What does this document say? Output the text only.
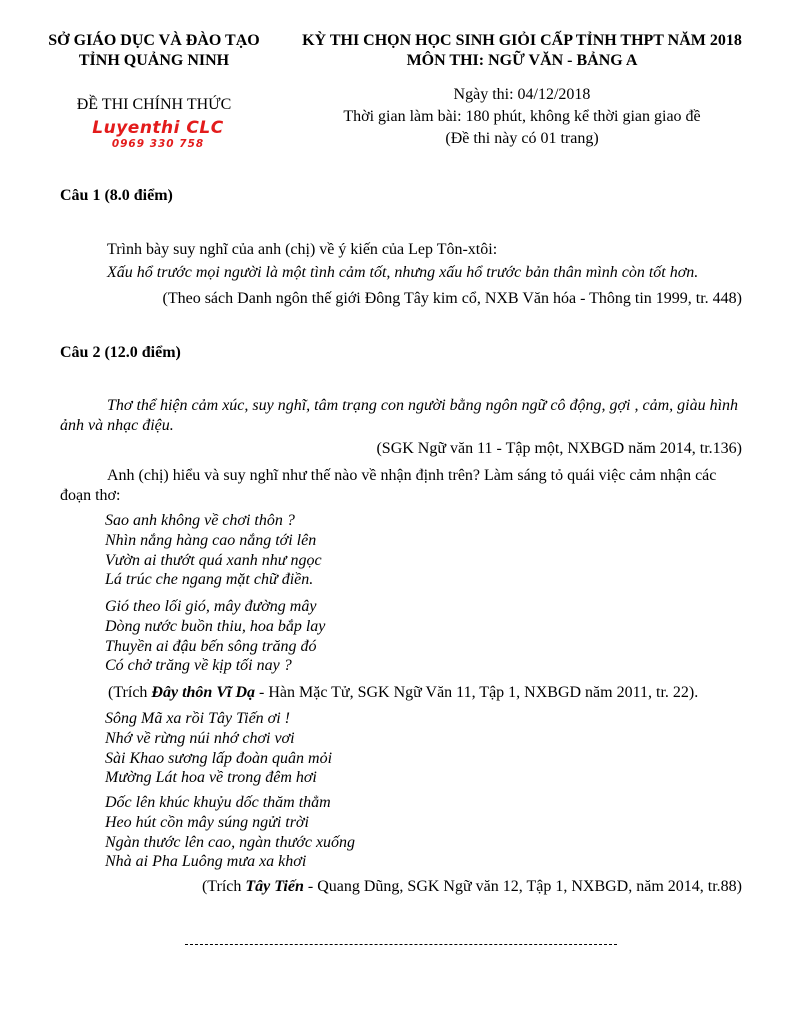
SỞ GIÁO DỤC VÀ ĐÀO TẠO
TỈNH QUẢNG NINH
ĐỀ THI CHÍNH THỨC
Luyenthi CLC
0969 330 758
KỲ THI CHỌN HỌC SINH GIỎI CẤP TỈNH THPT NĂM 2018
MÔN THI: NGỮ VĂN - BẢNG A
Ngày thi: 04/12/2018
Thời gian làm bài: 180 phút, không kể thời gian giao đề
(Đề thi này có 01 trang)
Câu 1 (8.0 điểm)
Trình bày suy nghĩ của anh (chị) về ý kiến của Lep Tôn-xtôi:
Xấu hổ trước mọi người là một tình cảm tốt, nhưng xấu hổ trước bản thân mình còn tốt hơn.
(Theo sách Danh ngôn thế giới Đông Tây kim cổ, NXB Văn hóa - Thông tin 1999, tr. 448)
Câu 2 (12.0 điểm)
Thơ thể hiện cảm xúc, suy nghĩ, tâm trạng con người bằng ngôn ngữ cô động, gợi , cảm, giàu hình ảnh và nhạc điệu.
(SGK Ngữ văn 11 - Tập một, NXBGD năm 2014, tr.136)
Anh (chị) hiểu và suy nghĩ như thế nào về nhận định trên? Làm sáng tỏ quái việc cảm nhận các đoạn thơ:
Sao anh không về chơi thôn ?
Nhìn nắng hàng cao nắng tới lên
Vườn ai thướt quá xanh như ngọc
Lá trúc che ngang mặt chữ điền.
Gió theo lối gió, mây đường mây
Dòng nước buồn thiu, hoa bắp lay
Thuyền ai đậu bến sông trăng đó
Có chở trăng về kịp tối nay ?
(Trích Đây thôn Vĩ Dạ - Hàn Mặc Tử, SGK Ngữ Văn 11, Tập 1, NXBGD năm 2011, tr. 22).
Sông Mã xa rồi Tây Tiến ơi !
Nhớ về rừng núi nhớ chơi vơi
Sài Khao sương lấp đoàn quân mỏi
Mường Lát hoa về trong đêm hơi
Dốc lên khúc khuỷu dốc thăm thẳm
Heo hút cồn mây súng ngửi trời
Ngàn thước lên cao, ngàn thước xuống
Nhà ai Pha Luông mưa xa khơi
(Trích Tây Tiến - Quang Dũng, SGK Ngữ văn 12, Tập 1, NXBGD, năm 2014, tr.88)
